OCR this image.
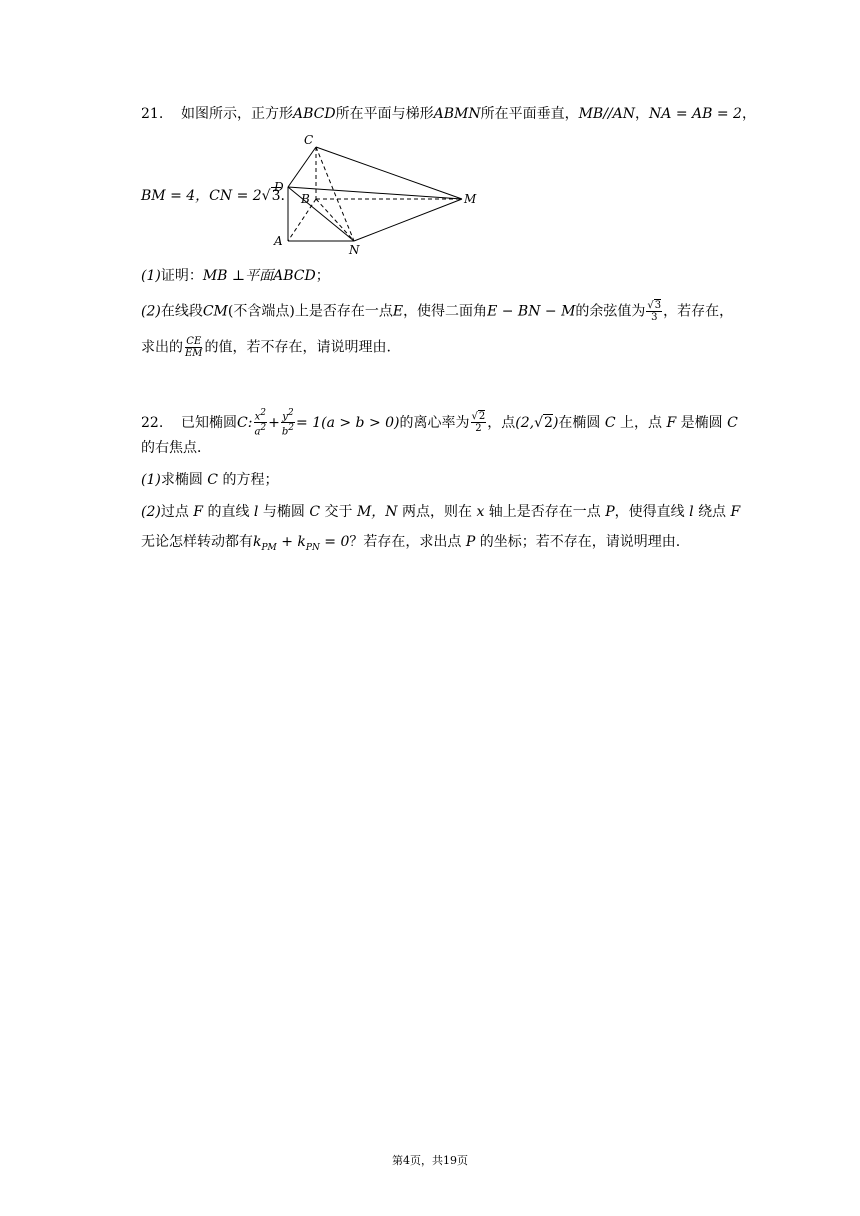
21. 如图所示，正方形ABCD所在平面与梯形ABMN所在平面垂直，MB//AN，NA = AB = 2，
BM = 4，CN = 2√3.
C
D
B	M
A
N
(1)证明：MB ⊥平面ABCD；
(2)在线段CM(不含端点)上是否存在一点E，使得二面角E − BN − M的余弦值为 $\frac{√3}{3}$ ，若存在，
求出的 $\frac{CE}{EM}$ 的值，若不存在，请说明理由.
22. 已知椭圆C: $\frac{x^2}{a^2} + \frac{y^2}{b^2} = 1(a > b > 0)$的离心率为 $\frac{√2}{2}$ ，点(2,√2)在椭圆 C 上，点 F 是椭圆 C
的右焦点．
(1)求椭圆 C 的方程；
(2)过点 F 的直线 l 与椭圆 C 交于 M，N 两点，则在 x 轴上是否存在一点 P，使得直线 l 绕点 F
无论怎样转动都有$k_{PM} + k_{PN} = 0$？若存在，求出点 P 的坐标；若不存在，请说明理由.
第4页，共19页
